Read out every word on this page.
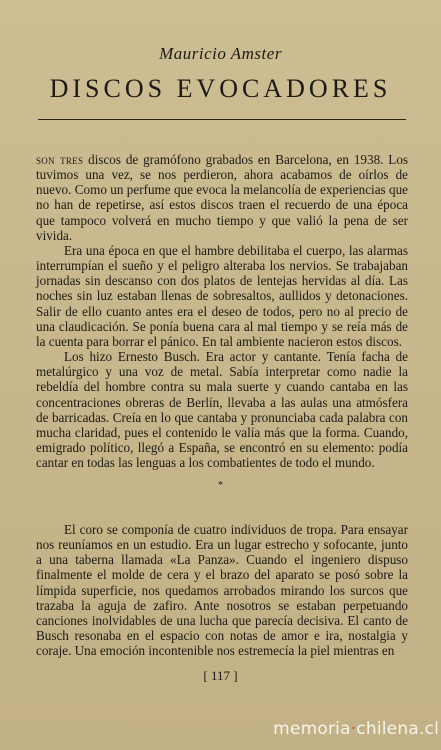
Mauricio Amster
DISCOS EVOCADORES

son tres discos de gramófono grabados en Barcelona, en 1938. Los tuvimos una vez, se nos perdieron, ahora acabamos de oírlos de nuevo. Como un perfume que evoca la melancolía de experiencias que no han de repetirse, así estos discos traen el recuerdo de una época que tampoco volverá en mucho tiempo y que valió la pena de ser vivida.

Era una época en que el hambre debilitaba el cuerpo, las alarmas interrumpían el sueño y el peligro alteraba los nervios. Se trabajaban jornadas sin descanso con dos platos de lentejas hervidas al día. Las noches sin luz estaban llenas de sobresaltos, aullidos y detonaciones. Salir de ello cuanto antes era el deseo de todos, pero no al precio de una claudicación. Se ponía buena cara al mal tiempo y se reía más de la cuenta para borrar el pánico. En tal ambiente nacieron estos discos.

Los hizo Ernesto Busch. Era actor y cantante. Tenía facha de metalúrgico y una voz de metal. Sabía interpretar como nadie la rebeldía del hombre contra su mala suerte y cuando cantaba en las concentraciones obreras de Berlín, llevaba a las aulas una atmósfera de barricadas. Creía en lo que cantaba y pronunciaba cada palabra con mucha claridad, pues el contenido le valía más que la forma. Cuando, emigrado político, llegó a España, se encontró en su elemento: podía cantar en todas las lenguas a los combatientes de todo el mundo.

*

El coro se componía de cuatro individuos de tropa. Para ensayar nos reuníamos en un estudio. Era un lugar estrecho y sofocante, junto a una taberna llamada «La Panza». Cuando el ingeniero dispuso finalmente el molde de cera y el brazo del aparato se posó sobre la límpida superficie, nos quedamos arrobados mirando los surcos que trazaba la aguja de zafiro. Ante nosotros se estaban perpetuando canciones inolvidables de una lucha que parecía decisiva. El canto de Busch resonaba en el espacio con notas de amor e ira, nostalgia y coraje. Una emoción incontenible nos estremecía la piel mientras en

[ 117 ]
memoria·chilena.cl
